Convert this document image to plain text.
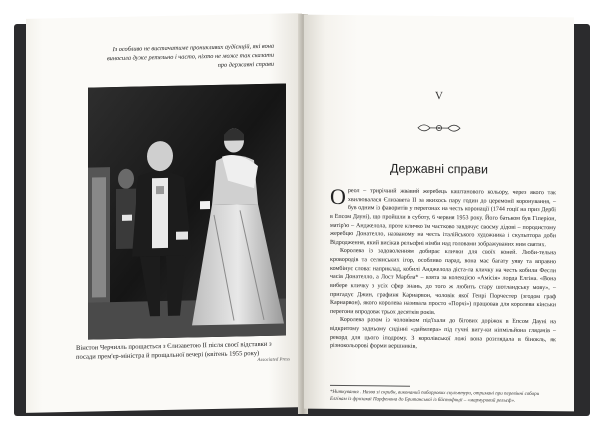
Із особливо не вистачатиме проникливих аудієнцій, які вона виносила дуже ретельно і часто, ніхто не може так сказати про державні справи
Вінстон Черчилль прощається з Єлизаветою II після своєї відставки з посади прем'єр-міністра й прощальної вечері (квітень 1955 року)
Associated Press
V
Державні справи

Ореол – трирічний жвавий жеребець каштанового кольору, через якого так хвилювалася Єлизавета II за якихось пару годин до церемонії коронування, – був одним із фаворитів у перегонах на честь коронації (1744 гоції на приз Дербі в Епсом Дауні), що пройшли в суботу, 6 червня 1953 року. Його батьком був Гіперіон, матір'ю – Анджелола, проте кличко їм частково завдячує своєму дідові – породистому жеребцю Донателло, названому на честь італійського художника і скульптора доби Відродження, який висікав рельєфні німби над головами зображуваних ним святих.

Королева із задоволенням добирає клички для своїх коней. Люби-тельна кровородів та селянських ігор, особливо парад, вона має багату уяву та вправно комбінує слова: наприклад, кобилі Анджелола діста-ла кличку на честь кобили Фесли часів Донателло, а Лост Марбла* – взята за колекцією «Амісія» лорда Елгіна. «Вона вибере кличку з усіх сфер знань, до того ж любить стару шотландську мову», – пригадує Джин, графиня Карнарвон, чоловік якої Генрі Порчестер (згодом граф Карнарвон), якого королева називала просто «Порчі») працював для королеви кінськи перегони впродовж трьох десятків років.

Королева разом із чоловіком під'їхали до бігових доріжок в Епсом Дауні на відкритому задньому сидінні «даймлера» під гучні вигу-ки ніпмільйона глядачів – рекорд для цього іподрому. З королівської ложі вона розглядала в бінокль, як різнокольорові форми вершників,

*Ниткування . Назва зі скрибн, виконаний поборрових скульптури, отримані при перевінні собори Елгінам із фризакаї Парфенона до Британської із бйстофиції – «мармуровий рельєф».
